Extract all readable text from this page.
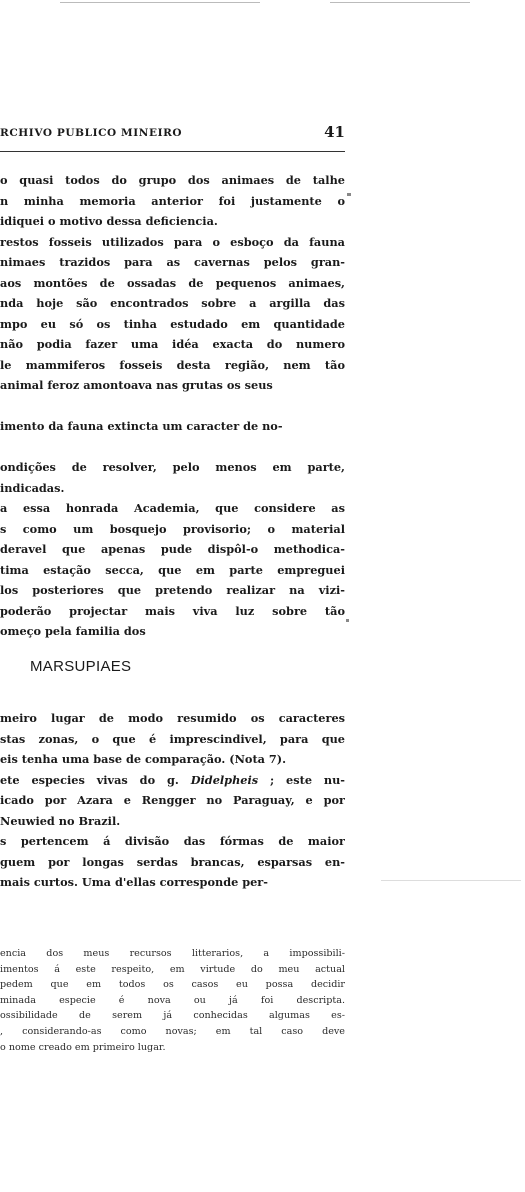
RCHIVO PUBLICO MINEIRO	41
o quasi todos do grupo dos animaes de talhe
n minha memoria anterior foi justamente o
idiquei o motivo dessa deficiencia.
restos fosseis utilizados para o esboço da fauna
nimaes trazidos para as cavernas pelos gran-
aos montões de ossadas de pequenos animaes,
nda hoje são encontrados sobre a argilla das
mpo eu só os tinha estudado em quantidade
não podia fazer uma idéa exacta do numero
le mammiferos fosseis desta região, nem tão
animal feroz amontoava nas grutas os seus
imento da fauna extincta um caracter de no-
ondições de resolver, pelo menos em parte,
indicadas.
a essa honrada Academia, que considere as
s como um bosquejo provisorio; o material
deravel que apenas pude dispôl-o methodica-
tima estação secca, que em parte empreguei
los posteriores que pretendo realizar na vizi-
poderão projectar mais viva luz sobre tão
omeço pela familia dos
MARSUPIAES
meiro lugar de modo resumido os caracteres
stas zonas, o que é imprescindivel, para que
eis tenha uma base de comparação. (Nota 7).
ete especies vivas do g. Didelpheis ; este nu-
icado por Azara e Rengger no Paraguay, e por
Neuwied no Brazil.
s pertencem á divisão das fórmas de maior
guem por longas serdas brancas, esparsas en-
mais curtos. Uma d'ellas corresponde per-
encia dos meus recursos litterarios, a impossibili-
imentos á este respeito, em virtude do meu actual
pedem que em todos os casos eu possa decidir
minada especie é nova ou já foi descripta.
ossibilidade de serem já conhecidas algumas es-
, considerando-as como novas; em tal caso deve
o nome creado em primeiro lugar.
